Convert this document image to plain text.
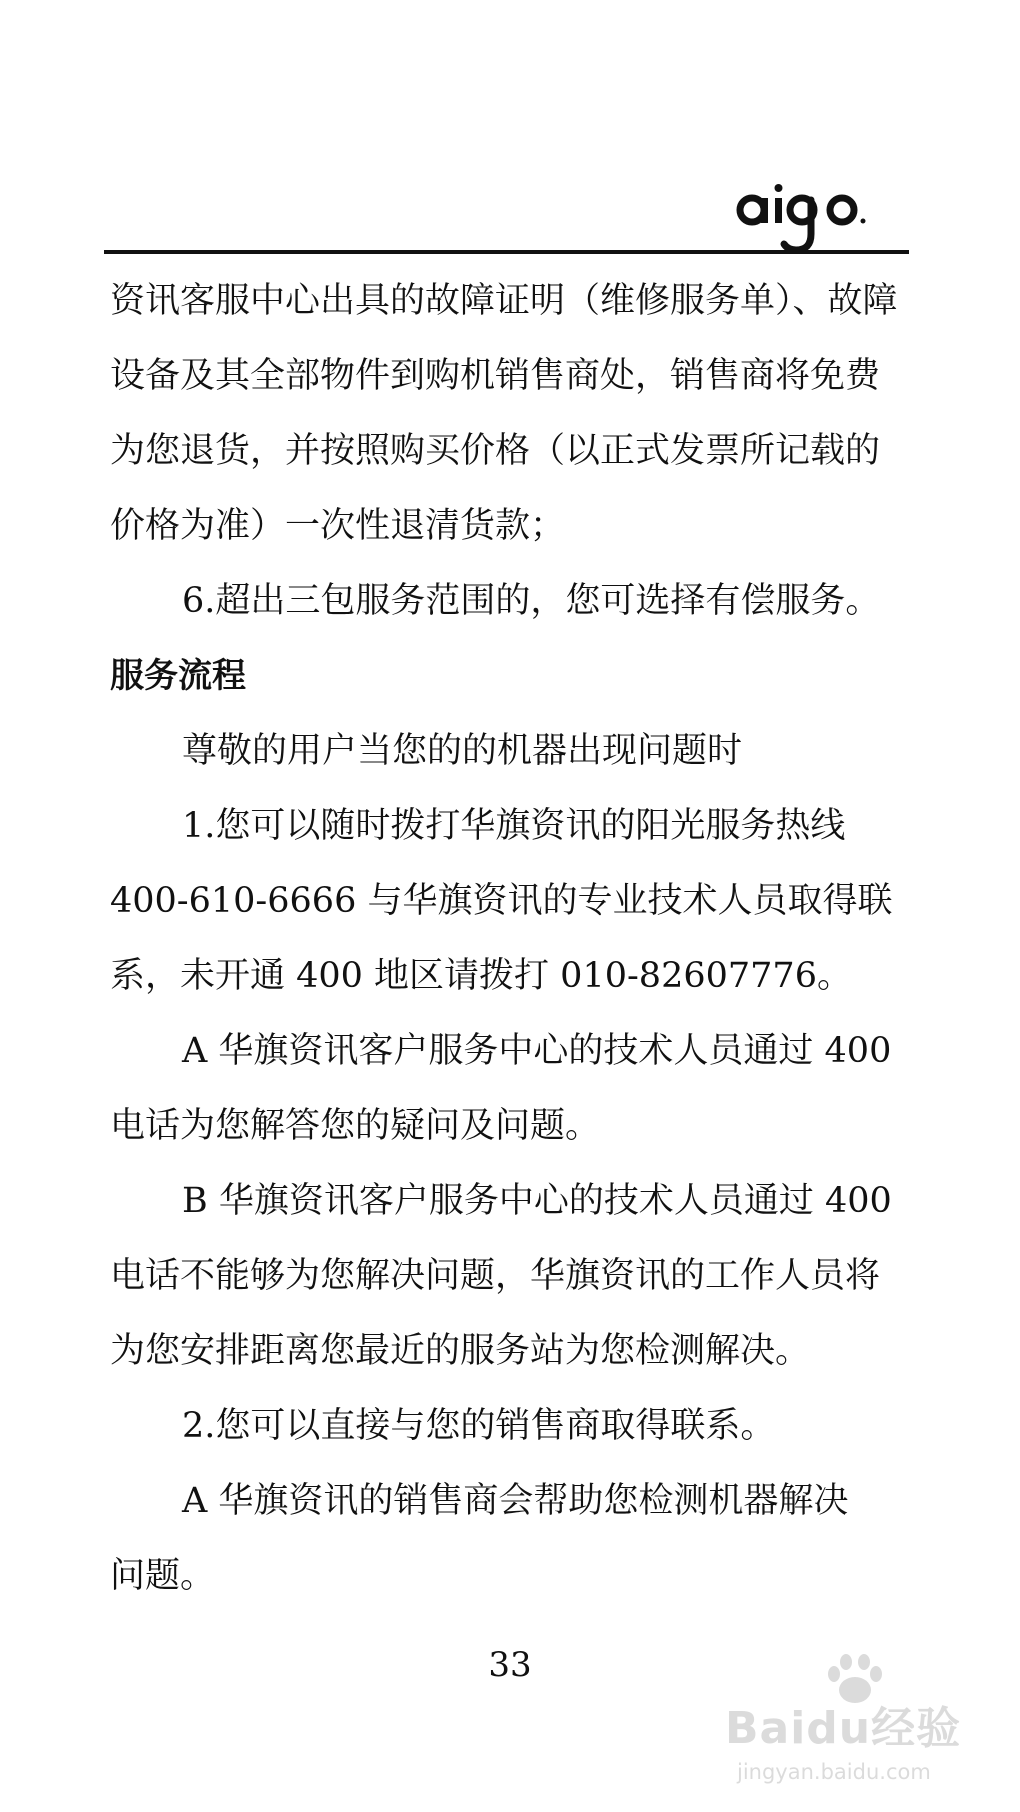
资讯客服中心出具的故障证明（维修服务单）、故障
设备及其全部物件到购机销售商处，销售商将免费
为您退货，并按照购买价格（以正式发票所记载的
价格为准）一次性退清货款；
6.超出三包服务范围的，您可选择有偿服务。
服务流程
尊敬的用户当您的的机器出现问题时
1.您可以随时拨打华旗资讯的阳光服务热线
400-610-6666 与华旗资讯的专业技术人员取得联
系，未开通 400 地区请拨打 010-82607776。
A 华旗资讯客户服务中心的技术人员通过 400
电话为您解答您的疑问及问题。
B 华旗资讯客户服务中心的技术人员通过 400
电话不能够为您解决问题，华旗资讯的工作人员将
为您安排距离您最近的服务站为您检测解决。
2.您可以直接与您的销售商取得联系。
A 华旗资讯的销售商会帮助您检测机器解决
问题。
33
Baidu经验
jingyan.baidu.com
